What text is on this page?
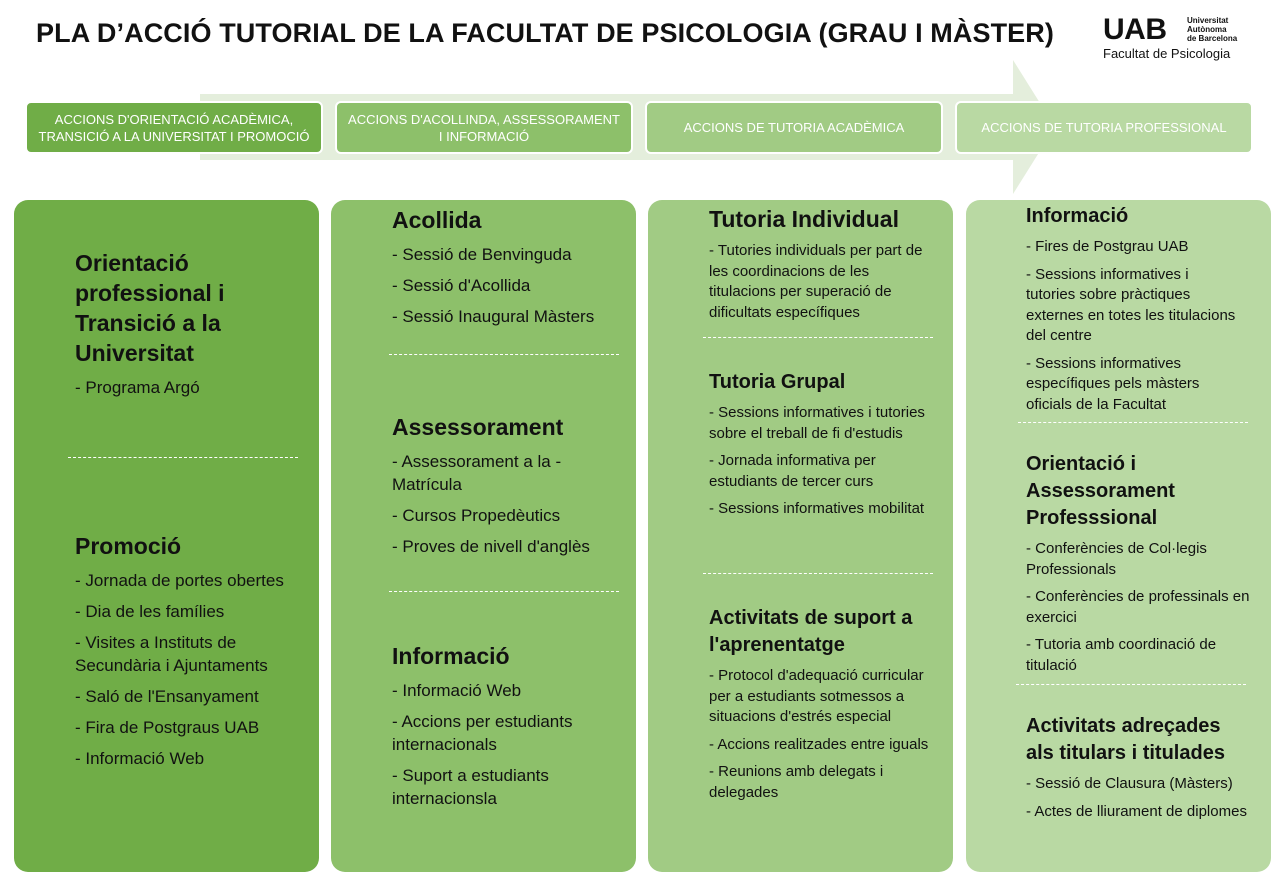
PLA D’ACCIÓ TUTORIAL DE LA FACULTAT DE PSICOLOGIA (GRAU I MÀSTER) UAB	Universitat
Autònoma
de Barcelona
Facultat de Psicologia
ACCIONS D'ORIENTACIÓ ACADÈMICA, TRANSICIÓ A LA UNIVERSITAT I PROMOCIÓ
ACCIONS D'ACOLLINDA, ASSESSORAMENT I INFORMACIÓ
ACCIONS DE TUTORIA ACADÈMICA	ACCIONS DE TUTORIA PROFESSIONAL
Orientació professional i Transició a la Universitat
- Programa Argó
Promoció
- Jornada de portes obertes
- Dia de les famílies
- Visites a Instituts de Secundària i Ajuntaments
- Saló de l'Ensanyament
- Fira de Postgraus UAB
- Informació Web
Acollida
- Sessió de Benvinguda
- Sessió d'Acollida
- Sessió Inaugural Màsters
Assessorament
- Assessorament a la - Matrícula
- Cursos Propedèutics
- Proves de nivell d'anglès
Informació
- Informació Web
- Accions per estudiants internacionals
- Suport a estudiants internacionsla
Tutoria Individual
- Tutories individuals per part de les coordinacions de les titulacions per superació de dificultats específiques
Tutoria Grupal
- Sessions informatives i tutories sobre el treball de fi d'estudis
- Jornada informativa per estudiants de tercer curs
- Sessions informatives mobilitat
Activitats de suport a l'aprenentatge
- Protocol d'adequació curricular per a estudiants sotmessos a situacions d'estrés especial
- Accions realitzades entre iguals
- Reunions amb delegats i delegades
Informació
- Fires de Postgrau UAB
- Sessions informatives i tutories sobre pràctiques externes en totes les titulacions del centre
- Sessions informatives específiques pels màsters oficials de la Facultat
Orientació i Assessorament Professsional
- Conferències de Col·legis Professionals
- Conferències de professinals en exercici
- Tutoria amb coordinació de titulació
Activitats adreçades als titulars i titulades
- Sessió de Clausura (Màsters)
- Actes de lliurament de diplomes
